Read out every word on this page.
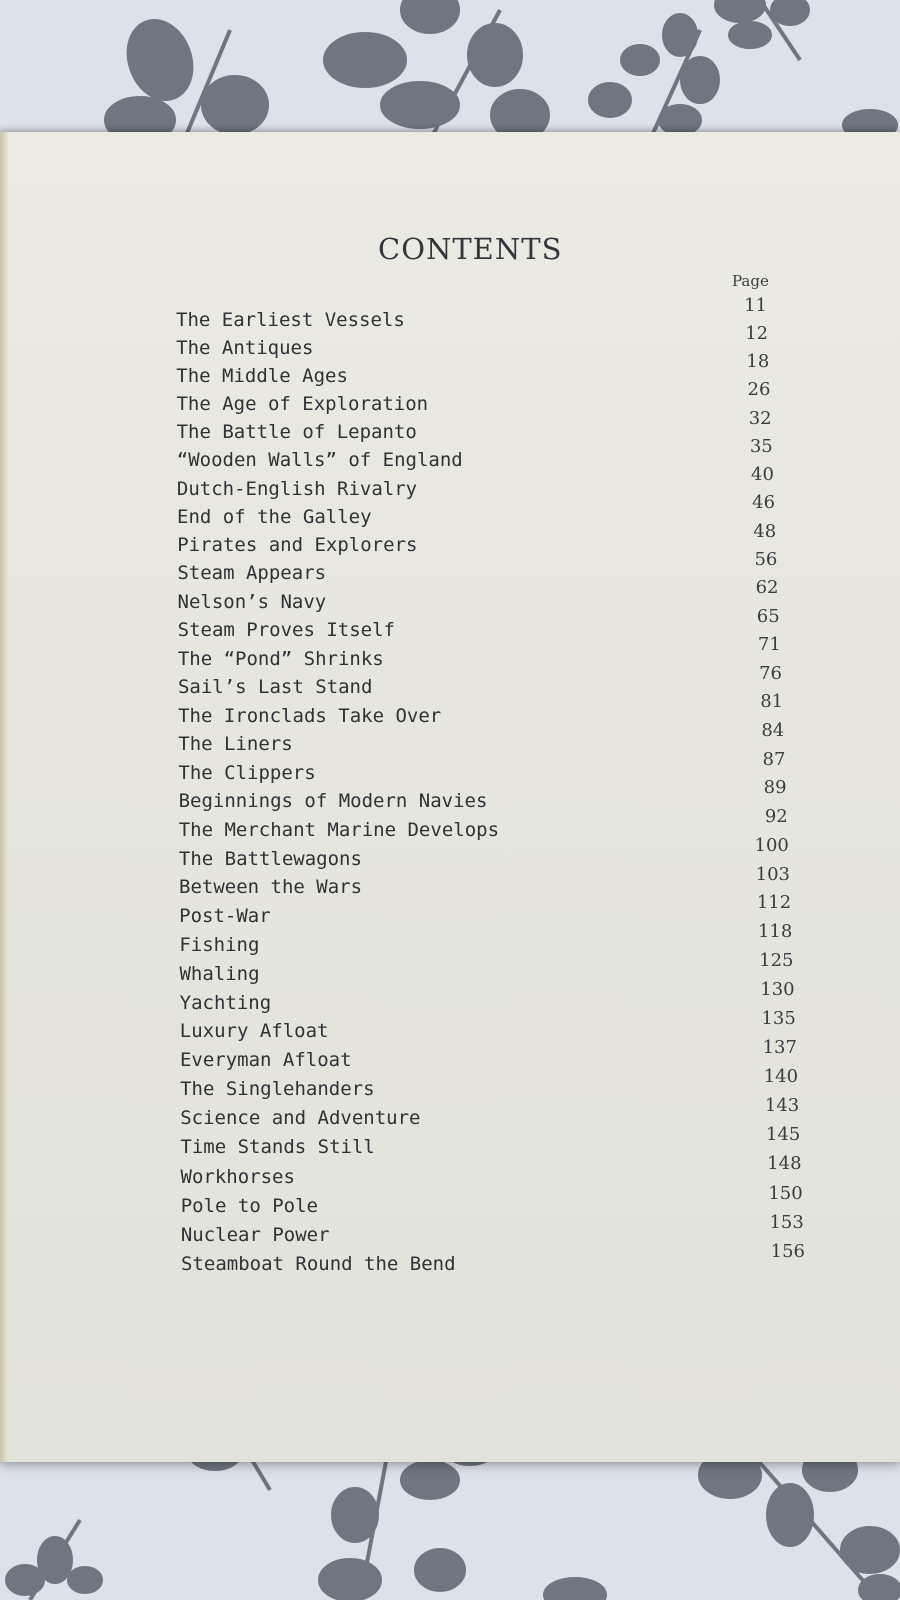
CONTENTS
Page
The Earliest Vessels
11
The Antiques
12
The Middle Ages
18
The Age of Exploration
26
The Battle of Lepanto
32
“Wooden Walls” of England
35
Dutch-English Rivalry
40
End of the Galley
46
Pirates and Explorers
48
Steam Appears
56
Nelson’s Navy
62
Steam Proves Itself
65
The “Pond” Shrinks
71
Sail’s Last Stand
76
The Ironclads Take Over
81
The Liners
84
The Clippers
87
Beginnings of Modern Navies
89
The Merchant Marine Develops
92
The Battlewagons
100
Between the Wars
103
Post-War
112
Fishing
118
Whaling
125
Yachting
130
Luxury Afloat
135
Everyman Afloat
137
The Singlehanders
140
Science and Adventure
143
Time Stands Still
145
Workhorses
148
Pole to Pole
150
Nuclear Power
153
Steamboat Round the Bend
156
